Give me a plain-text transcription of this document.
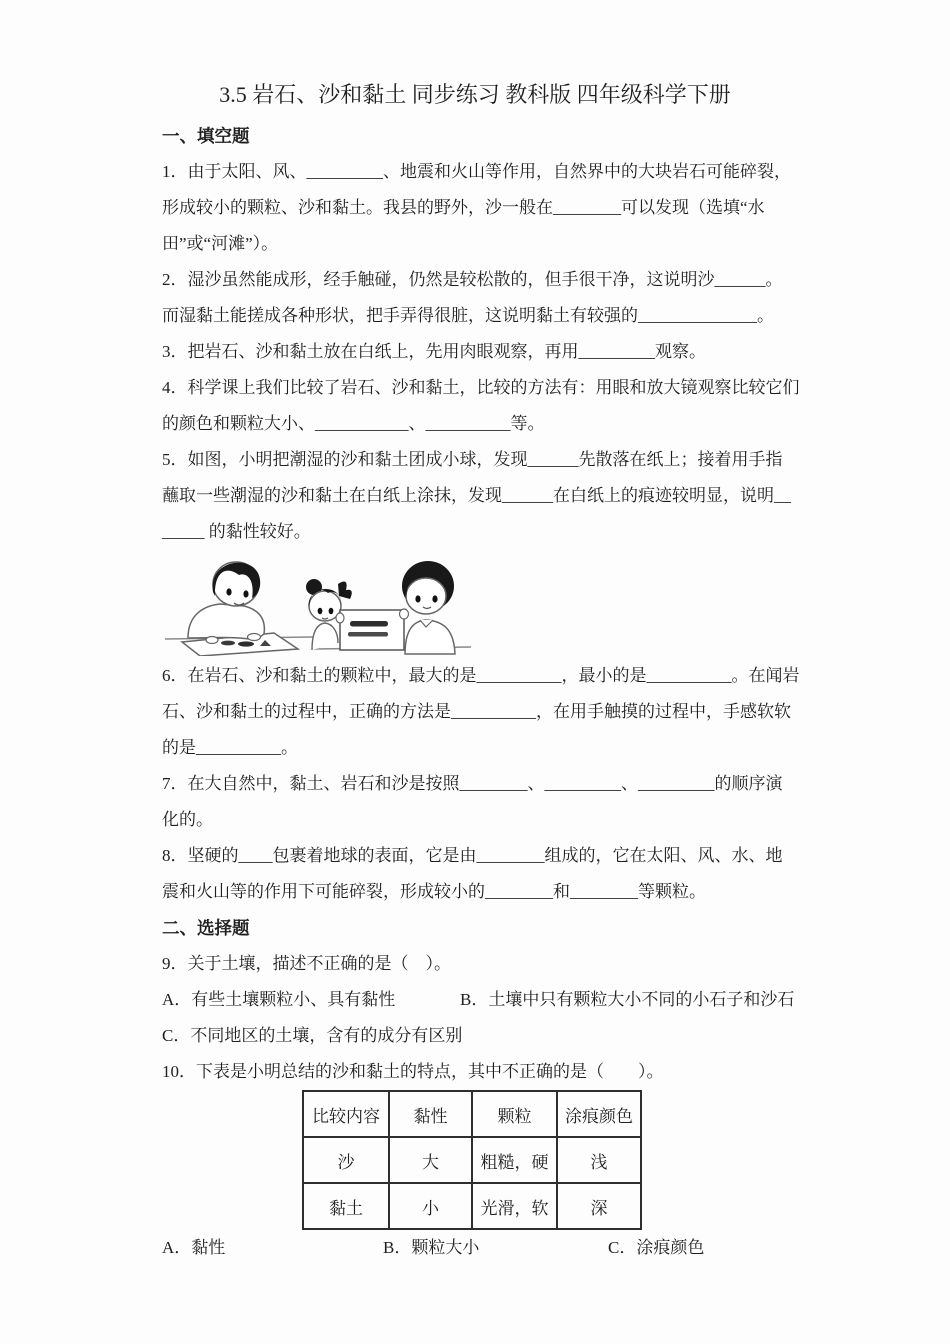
3.5 岩石、沙和黏土 同步练习 教科版 四年级科学下册
一、填空题
1．由于太阳、风、_________、地震和火山等作用，自然界中的大块岩石可能碎裂，
形成较小的颗粒、沙和黏土。我县的野外，沙一般在________可以发现（选填“水
田”或“河滩”）。
2．湿沙虽然能成形，经手触碰，仍然是较松散的，但手很干净，这说明沙______。
而湿黏土能搓成各种形状，把手弄得很脏，这说明黏土有较强的______________。
3．把岩石、沙和黏土放在白纸上，先用肉眼观察，再用_________观察。
4．科学课上我们比较了岩石、沙和黏土，比较的方法有：用眼和放大镜观察比较它们
的颜色和颗粒大小、___________、__________等。
5．如图，小明把潮湿的沙和黏土团成小球，发现______先散落在纸上；接着用手指
蘸取一些潮湿的沙和黏土在白纸上涂抹，发现______在白纸上的痕迹较明显，说明__
_____ 的黏性较好。
6．在岩石、沙和黏土的颗粒中，最大的是__________，最小的是__________。在闻岩
石、沙和黏土的过程中，正确的方法是__________，在用手触摸的过程中，手感软软
的是__________。
7．在大自然中，黏土、岩石和沙是按照________、_________、_________的顺序演
化的。
8．坚硬的____包裹着地球的表面，它是由________组成的，它在太阳、风、水、地
震和火山等的作用下可能碎裂，形成较小的________和________等颗粒。
二、选择题
9．关于土壤，描述不正确的是（　）。
A．有些土壤颗粒小、具有黏性	B．土壤中只有颗粒大小不同的小石子和沙石
C．不同地区的土壤，含有的成分有区别
10．下表是小明总结的沙和黏土的特点，其中不正确的是（　　）。
比较内容	黏性	颗粒	涂痕颜色
沙	大	粗糙，硬	浅
黏土	小	光滑，软	深
A．黏性	B．颗粒大小	C．涂痕颜色
